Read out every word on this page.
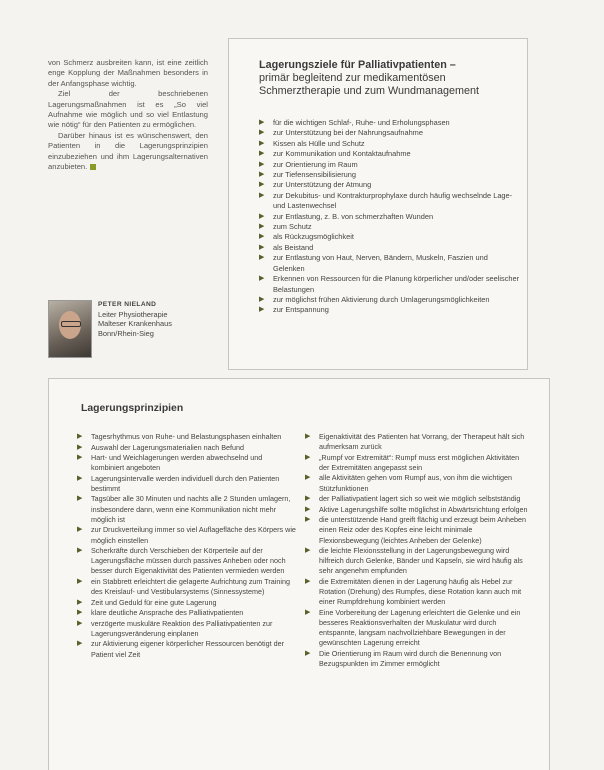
von Schmerz ausbreiten kann, ist eine zeitlich enge Kopplung der Maßnahmen besonders in der Anfangsphase wichtig.

Ziel der beschriebenen Lagerungsmaßnahmen ist es „So viel Aufnahme wie möglich und so viel Entlastung wie nötig“ für den Patienten zu ermöglichen.

Darüber hinaus ist es wünschenswert, den Patienten in die Lagerungsprinzipien einzubeziehen und ihm Lagerungsalternativen anzubieten.

PETER NIELAND
Leiter Physiotherapie
Malteser Krankenhaus
Bonn/Rhein-Sieg
Lagerungsziele für Palliativpatienten –
primär begleitend zur medikamentösen Schmerztherapie und zum Wundmanagement
▶ für die wichtigen Schlaf-, Ruhe- und Erholungsphasen
▶ zur Unterstützung bei der Nahrungsaufnahme
▶ Kissen als Hülle und Schutz
▶ zur Kommunikation und Kontaktaufnahme
▶ zur Orientierung im Raum
▶ zur Tiefensensibilisierung
▶ zur Unterstützung der Atmung
▶ zur Dekubitus- und Kontrakturprophylaxe durch häufig wechselnde Lage- und Lastenwechsel
▶ zur Entlastung, z. B. von schmerzhaften Wunden
▶ zum Schutz
▶ als Rückzugsmöglichkeit
▶ als Beistand
▶ zur Entlastung von Haut, Nerven, Bändern, Muskeln, Faszien und Gelenken
▶ Erkennen von Ressourcen für die Planung körperlicher und/oder seelischer Belastungen
▶ zur möglichst frühen Aktivierung durch Umlagerungsmöglichkeiten
▶ zur Entspannung
Lagerungsprinzipien
▶ Tagesrhythmus von Ruhe- und Belastungsphasen einhalten
▶ Auswahl der Lagerungsmaterialien nach Befund
▶ Hart- und Weichlagerungen werden abwechselnd und kombiniert angeboten
▶ Lagerungsintervalle werden individuell durch den Patienten bestimmt
▶ Tagsüber alle 30 Minuten und nachts alle 2 Stunden umlagern, insbesondere dann, wenn eine Kommunikation nicht mehr möglich ist
▶ zur Druckverteilung immer so viel Auflagefläche des Körpers wie möglich einstellen
▶ Scherkräfte durch Verschieben der Körperteile auf der Lagerungsfläche müssen durch passives Anheben oder noch besser durch Eigenaktivität des Patienten vermieden werden
▶ ein Stabbrett erleichtert die gelagerte Aufrichtung zum Training des Kreislauf- und Vestibularsystems (Sinnessysteme)
▶ Zeit und Geduld für eine gute Lagerung
▶ klare deutliche Ansprache des Palliativpatienten
▶ verzögerte muskuläre Reaktion des Palliativpatienten zur Lagerungsveränderung einplanen
▶ zur Aktivierung eigener körperlicher Ressourcen benötigt der Patient viel Zeit
▶ Eigenaktivität des Patienten hat Vorrang, der Therapeut hält sich aufmerksam zurück
▶ „Rumpf vor Extremität“: Rumpf muss erst möglichen Aktivitäten der Extremitäten angepasst sein
▶ alle Aktivitäten gehen vom Rumpf aus, von ihm die wichtigen Stützfunktionen
▶ der Palliativpatient lagert sich so weit wie möglich selbstständig
▶ Aktive Lagerungshilfe sollte möglichst in Abwärtsrichtung erfolgen
▶ die unterstützende Hand greift flächig und erzeugt beim Anheben einen Reiz oder des Kopfes eine leicht minimale Flexionsbewegung (leichtes Anheben der Gelenke)
▶ die leichte Flexionsstellung in der Lagerungsbewegung wird hilfreich durch Gelenke, Bänder und Kapseln, sie wird häufig als sehr angenehm empfunden
▶ die Extremitäten dienen in der Lagerung häufig als Hebel zur Rotation (Drehung) des Rumpfes, diese Rotation kann auch mit einer Rumpfdrehung kombiniert werden
▶ Eine Vorbereitung der Lagerung erleichtert die Gelenke und ein besseres Reaktionsverhalten der Muskulatur wird durch entspannte, langsam nachvollziehbare Bewegungen in der gewünschten Lagerung erreicht
▶ Die Orientierung im Raum wird durch die Benennung von Bezugspunkten im Zimmer ermöglicht
